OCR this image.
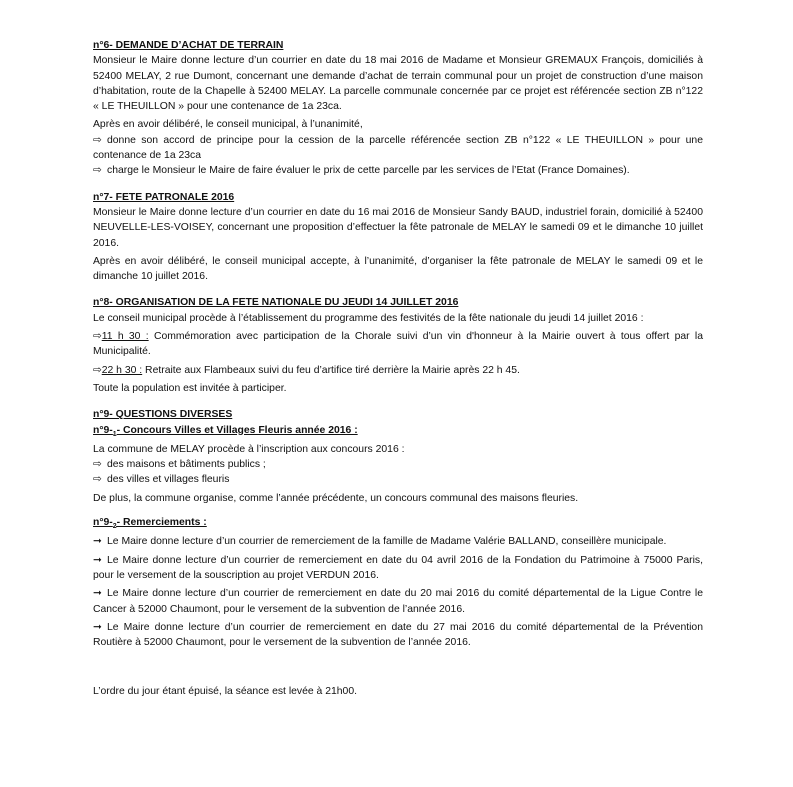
n°6- DEMANDE D’ACHAT DE TERRAIN

Monsieur le Maire donne lecture d’un courrier en date du 18 mai 2016 de Madame et Monsieur GREMAUX François, domiciliés à 52400 MELAY, 2 rue Dumont, concernant une demande d’achat de terrain communal pour un projet de construction d’une maison d’habitation, route de la Chapelle à 52400 MELAY. La parcelle communale concernée par ce projet est référencée section ZB n°122 « LE THEUILLON » pour une contenance de 1a 23ca.

Après en avoir délibéré, le conseil municipal, à l’unanimité,

⇨ donne son accord de principe pour la cession de la parcelle référencée section ZB n°122 « LE THEUILLON » pour une contenance de 1a 23ca

⇨ charge le Monsieur le Maire de faire évaluer le prix de cette parcelle par les services de l’Etat (France Domaines).

n°7- FETE PATRONALE 2016

Monsieur le Maire donne lecture d’un courrier en date du 16 mai 2016 de Monsieur Sandy BAUD, industriel forain, domicilié à 52400 NEUVELLE-LES-VOISEY, concernant une proposition d’effectuer la fête patronale de MELAY le samedi 09 et le dimanche 10 juillet 2016.

Après en avoir délibéré, le conseil municipal accepte, à l’unanimité, d’organiser la fête patronale de MELAY le samedi 09 et le dimanche 10 juillet 2016.

n°8- ORGANISATION DE LA FETE NATIONALE DU JEUDI 14 JUILLET 2016

Le conseil municipal procède à l’établissement du programme des festivités de la fête nationale du jeudi 14 juillet 2016 :

⇨11 h 30 : Commémoration avec participation de la Chorale suivi d’un vin d'honneur à la Mairie ouvert à tous offert par la Municipalité.

⇨22 h 30 : Retraite aux Flambeaux suivi du feu d’artifice tiré derrière la Mairie après 22 h 45.

Toute la population est invitée à participer.

n°9- QUESTIONS DIVERSES
$n^\circ 9-_1-$ Concours Villes et Villages Fleuris année 2016 :

La commune de MELAY procède à l’inscription aux concours 2016 :

⇨ des maisons et bâtiments publics ;

⇨ des villes et villages fleuris

De plus, la commune organise, comme l’année précédente, un concours communal des maisons fleuries.

$n^\circ 9-_2-$ Remerciements :

➞ Le Maire donne lecture d’un courrier de remerciement de la famille de Madame Valérie BALLAND, conseillère municipale.

➞ Le Maire donne lecture d’un courrier de remerciement en date du 04 avril 2016 de la Fondation du Patrimoine à 75000 Paris, pour le versement de la souscription au projet VERDUN 2016.

➞ Le Maire donne lecture d’un courrier de remerciement en date du 20 mai 2016 du comité départemental de la Ligue Contre le Cancer à 52000 Chaumont, pour le versement de la subvention de l’année 2016.

➞ Le Maire donne lecture d’un courrier de remerciement en date du 27 mai 2016 du comité départemental de la Prévention Routière à 52000 Chaumont, pour le versement de la subvention de l’année 2016.

L’ordre du jour étant épuisé, la séance est levée à 21h00.
